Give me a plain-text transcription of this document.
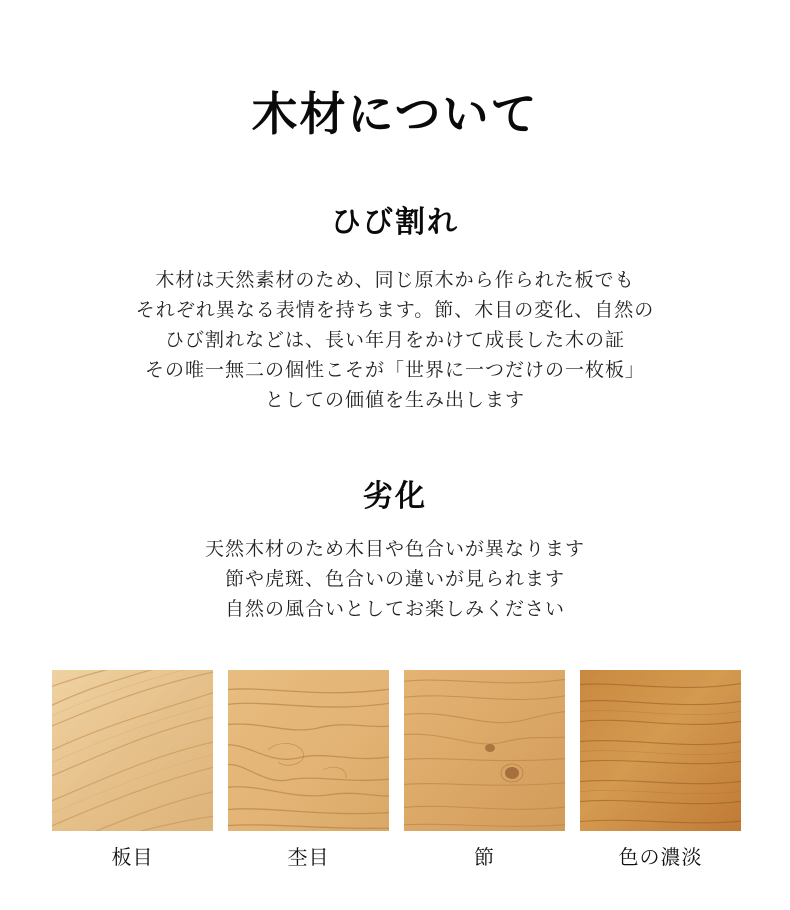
木材について
ひび割れ
木材は天然素材のため、同じ原木から作られた板でも
それぞれ異なる表情を持ちます。節、木目の変化、自然の
ひび割れなどは、長い年月をかけて成長した木の証
その唯一無二の個性こそが「世界に一つだけの一枚板」
としての価値を生み出します
劣化
天然木材のため木目や色合いが異なります
節や虎斑、色合いの違いが見られます
自然の風合いとしてお楽しみください
板目	杢目	節	色の濃淡
